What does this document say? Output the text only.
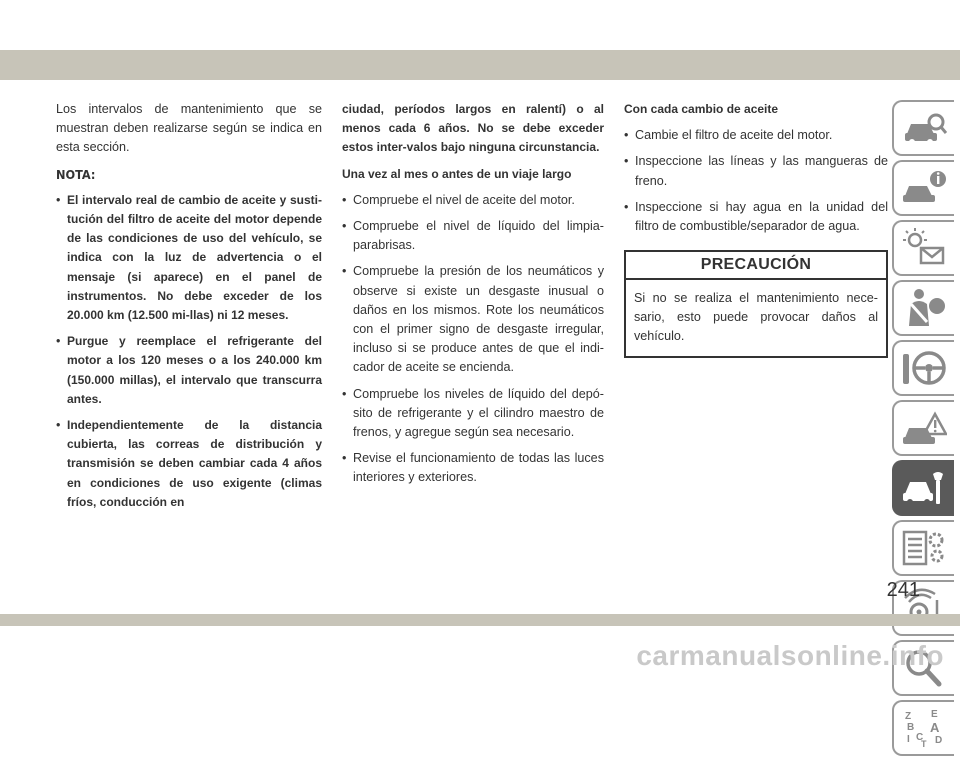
Los intervalos de mantenimiento que se muestran deben realizarse según se indica en esta sección.

NOTA:

• El intervalo real de cambio de aceite y susti-tución del filtro de aceite del motor depende de las condiciones de uso del vehículo, se indica con la luz de advertencia o el mensaje (si aparece) en el panel de instrumentos. No debe exceder de los 20.000 km (12.500 mi-llas) ni 12 meses.
• Purgue y reemplace el refrigerante del motor a los 120 meses o a los 240.000 km (150.000 millas), el intervalo que transcurra antes.
• Independientemente de la distancia cubierta, las correas de distribución y transmisión se deben cambiar cada 4 años en condiciones de uso exigente (climas fríos, conducción en

ciudad, períodos largos en ralentí) o al menos cada 6 años. No se debe exceder estos inter-valos bajo ninguna circunstancia.

Una vez al mes o antes de un viaje largo

• Compruebe el nivel de aceite del motor.
• Compruebe el nivel de líquido del limpia-parabrisas.
• Compruebe la presión de los neumáticos y observe si existe un desgaste inusual o daños en los mismos. Rote los neumáticos con el primer signo de desgaste irregular, incluso si se produce antes de que el indi-cador de aceite se encienda.
• Compruebe los niveles de líquido del depó-sito de refrigerante y el cilindro maestro de frenos, y agregue según sea necesario.
• Revise el funcionamiento de todas las luces interiores y exteriores.

Con cada cambio de aceite

• Cambie el filtro de aceite del motor.
• Inspeccione las líneas y las mangueras de freno.
• Inspeccione si hay agua en la unidad del filtro de combustible/separador de agua.
PRECAUCIÓN
Si no se realiza el mantenimiento nece-sario, esto puede provocar daños al vehículo.
Z E
B A
I C
T D
241
carmanualsonline.info
